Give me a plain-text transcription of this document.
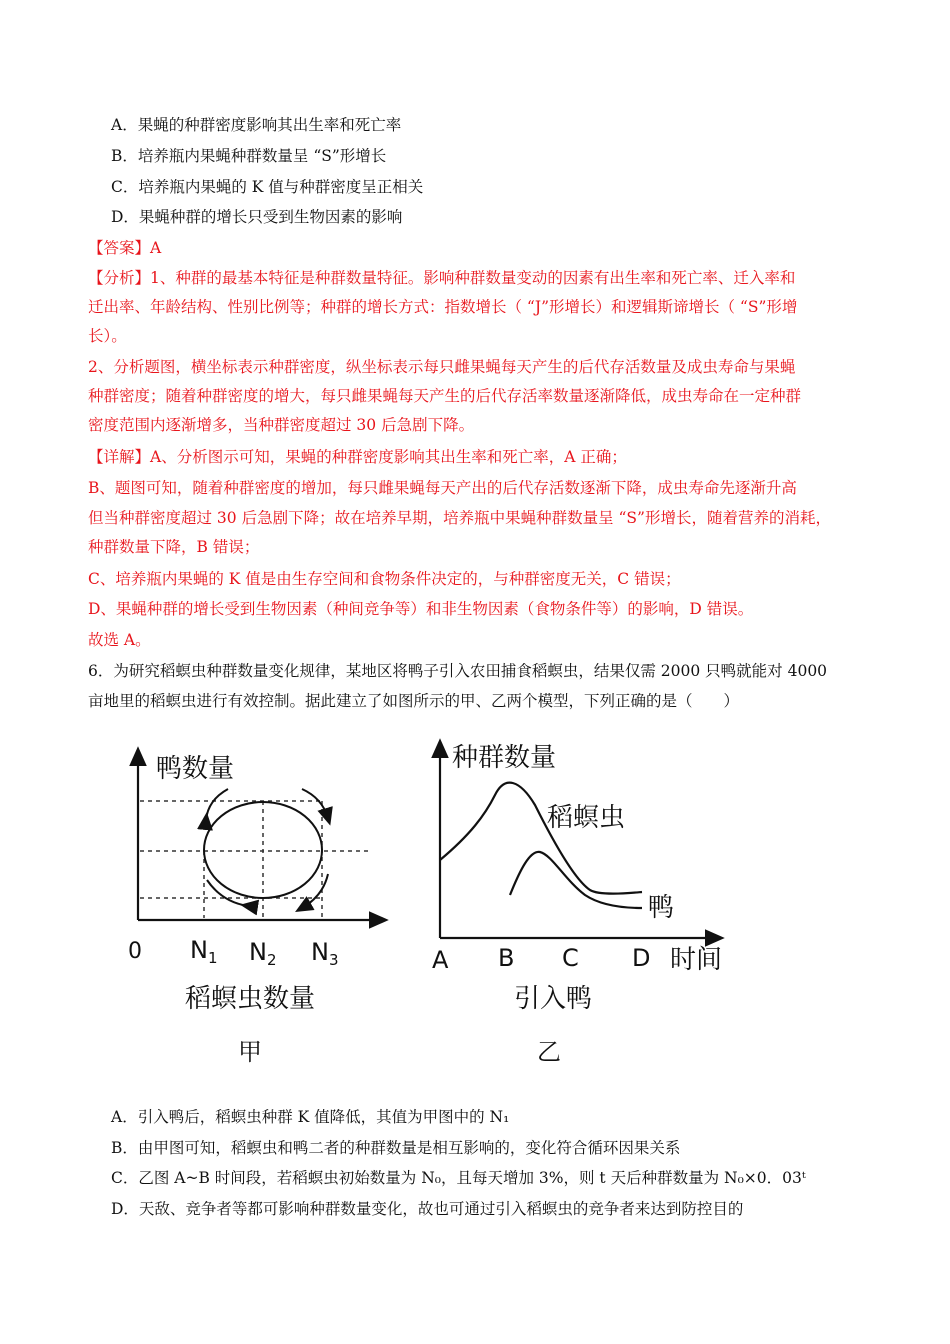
A．果蝇的种群密度影响其出生率和死亡率
B．培养瓶内果蝇种群数量呈 “S”形增长
C．培养瓶内果蝇的 K 值与种群密度呈正相关
D．果蝇种群的增长只受到生物因素的影响
【答案】A
【分析】1、种群的最基本特征是种群数量特征。影响种群数量变动的因素有出生率和死亡率、迁入率和
迁出率、年龄结构、性别比例等；种群的增长方式：指数增长（ “J”形增长）和逻辑斯谛增长（ “S”形增
长）。
2、分析题图，横坐标表示种群密度，纵坐标表示每只雌果蝇每天产生的后代存活数量及成虫寿命与果蝇
种群密度；随着种群密度的增大，每只雌果蝇每天产生的后代存活率数量逐渐降低，成虫寿命在一定种群
密度范围内逐渐增多，当种群密度超过 30 后急剧下降。
【详解】A、分析图示可知，果蝇的种群密度影响其出生率和死亡率，A 正确；
B、题图可知，随着种群密度的增加，每只雌果蝇每天产出的后代存活数逐渐下降，成虫寿命先逐渐升高
但当种群密度超过 30 后急剧下降；故在培养早期，培养瓶中果蝇种群数量呈 “S”形增长，随着营养的消耗，
种群数量下降，B 错误；
C、培养瓶内果蝇的 K 值是由生存空间和食物条件决定的，与种群密度无关，C 错误；
D、果蝇种群的增长受到生物因素（种间竞争等）和非生物因素（食物条件等）的影响，D 错误。
故选 A。
6．为研究稻螟虫种群数量变化规律，某地区将鸭子引入农田捕食稻螟虫，结果仅需 2000 只鸭就能对 4000
亩地里的稻螟虫进行有效控制。据此建立了如图所示的甲、乙两个模型，下列正确的是（　　）
鸭数量
0 $N_1$ $N_2$ $N_3$
稻螟虫数量
甲
种群数量
稻螟虫
鸭
A B C D 时间
引入鸭
乙
A．引入鸭后，稻螟虫种群 K 值降低，其值为甲图中的 N₁
B．由甲图可知，稻螟虫和鸭二者的种群数量是相互影响的，变化符合循环因果关系
C．乙图 A~B 时间段，若稻螟虫初始数量为 N₀，且每天增加 3%，则 t 天后种群数量为 N₀×0．03ᵗ
D．天敌、竞争者等都可影响种群数量变化，故也可通过引入稻螟虫的竞争者来达到防控目的
